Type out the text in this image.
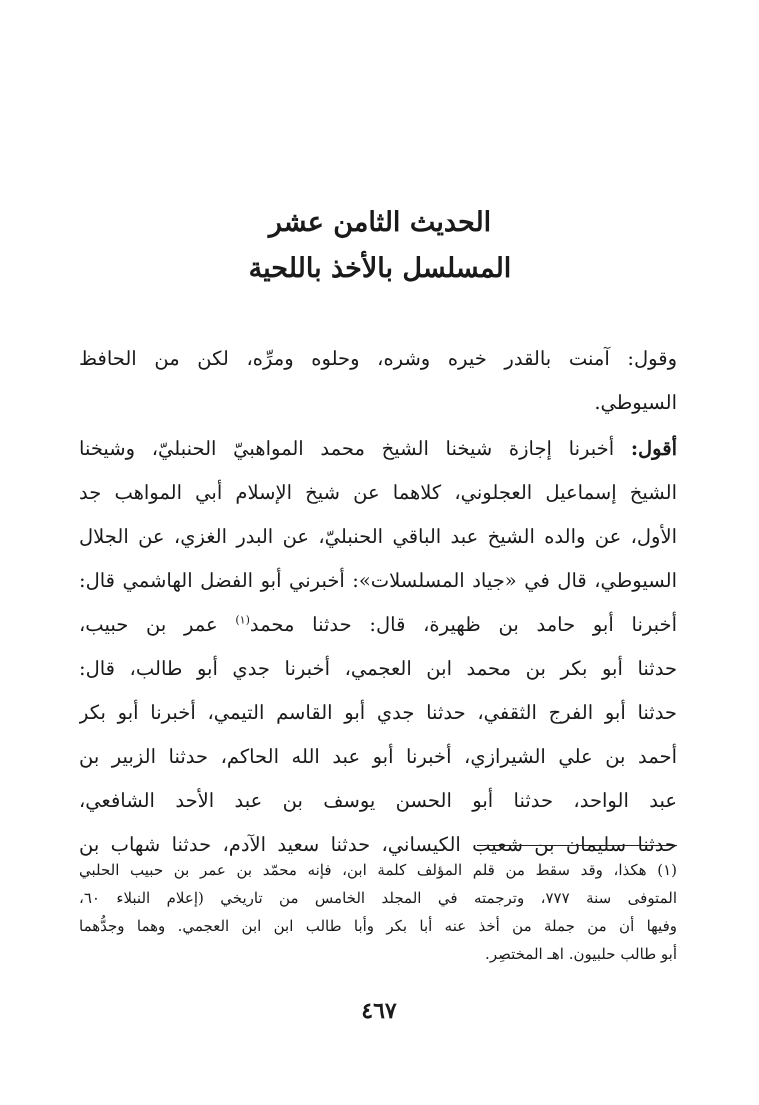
الحديث الثامن عشر
المسلسل بالأخذ باللحية
وقول: آمنت بالقدر خيره وشره، وحلوه ومرِّه، لكن من الحافظ
السيوطي.
أقول: أخبرنا إجازة شيخنا الشيخ محمد المواهبيّ الحنبليّ، وشيخنا
الشيخ إسماعيل العجلوني، كلاهما عن شيخ الإسلام أبي المواهب جد
الأول، عن والده الشيخ عبد الباقي الحنبليّ، عن البدر الغزي، عن الجلال
السيوطي، قال في «جياد المسلسلات»: أخبرني أبو الفضل الهاشمي قال:
أخبرنا أبو حامد بن ظهيرة، قال: حدثنا محمد$^{(١)}$ عمر بن حبيب،
حدثنا أبو بكر بن محمد ابن العجمي، أخبرنا جدي أبو طالب، قال:
حدثنا أبو الفرج الثقفي، حدثنا جدي أبو القاسم التيمي، أخبرنا أبو بكر
أحمد بن علي الشيرازي، أخبرنا أبو عبد الله الحاكم، حدثنا الزبير بن
عبد الواحد، حدثنا أبو الحسن يوسف بن عبد الأحد الشافعي،
حدثنا سليمان بن شعيب الكيساني، حدثنا سعيد الآدم، حدثنا شهاب بن
(١) هكذا، وقد سقط من قلم المؤلف كلمة ابن، فإنه محمّد بن عمر بن حبيب الحلبي
المتوفى سنة ٧٧٧، وترجمته في المجلد الخامس من تاريخي (إعلام النبلاء ٦٠،
وفيها أن من جملة من أخذ عنه أبا بكر وأبا طالب ابن ابن العجمي. وهما وجدُّهما
أبو طالب حلبيون. اهـ المختصِر.
٤٦٧
